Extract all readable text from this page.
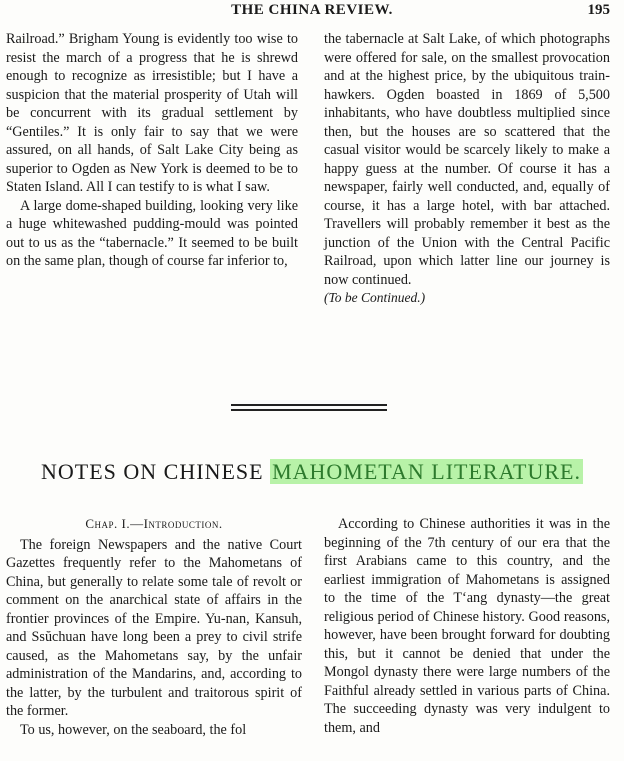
THE CHINA REVIEW.	195

Railroad.” Brigham Young is evidently too wise to resist the march of a progress that he is shrewd enough to recognize as irresistible; but I have a suspicion that the material prosperity of Utah will be concurrent with its gradual settlement by “Gentiles.” It is only fair to say that we were assured, on all hands, of Salt Lake City being as superior to Ogden as New York is deemed to be to Staten Island. All I can testify to is what I saw.

A large dome-shaped building, looking very like a huge whitewashed pudding-mould was pointed out to us as the “tabernacle.” It seemed to be built on the same plan, though of course far inferior to,

the tabernacle at Salt Lake, of which photographs were offered for sale, on the smallest provocation and at the highest price, by the ubiquitous train-hawkers. Ogden boasted in 1869 of 5,500 inhabitants, who have doubtless multiplied since then, but the houses are so scattered that the casual visitor would be scarcely likely to make a happy guess at the number. Of course it has a newspaper, fairly well conducted, and, equally of course, it has a large hotel, with bar attached. Travellers will probably remember it best as the junction of the Union with the Central Pacific Railroad, upon which latter line our journey is now continued.

(To be Continued.)

NOTES ON CHINESE MAHOMETAN LITERATURE.
Chap. I.—Introduction.

The foreign Newspapers and the native Court Gazettes frequently refer to the Mahometans of China, but generally to relate some tale of revolt or comment on the anarchical state of affairs in the frontier provinces of the Empire. Yu-nan, Kansuh, and Ssŭchuan have long been a prey to civil strife caused, as the Mahometans say, by the unfair administration of the Mandarins, and, according to the latter, by the turbulent and traitorous spirit of the former.

To us, however, on the seaboard, the fol

According to Chinese authorities it was in the beginning of the 7th century of our era that the first Arabians came to this country, and the earliest immigration of Mahometans is assigned to the time of the T‘ang dynasty—the great religious period of Chinese history. Good reasons, however, have been brought forward for doubting this, but it cannot be denied that under the Mongol dynasty there were large numbers of the Faithful already settled in various parts of China. The succeeding dynasty was very indulgent to them, and
